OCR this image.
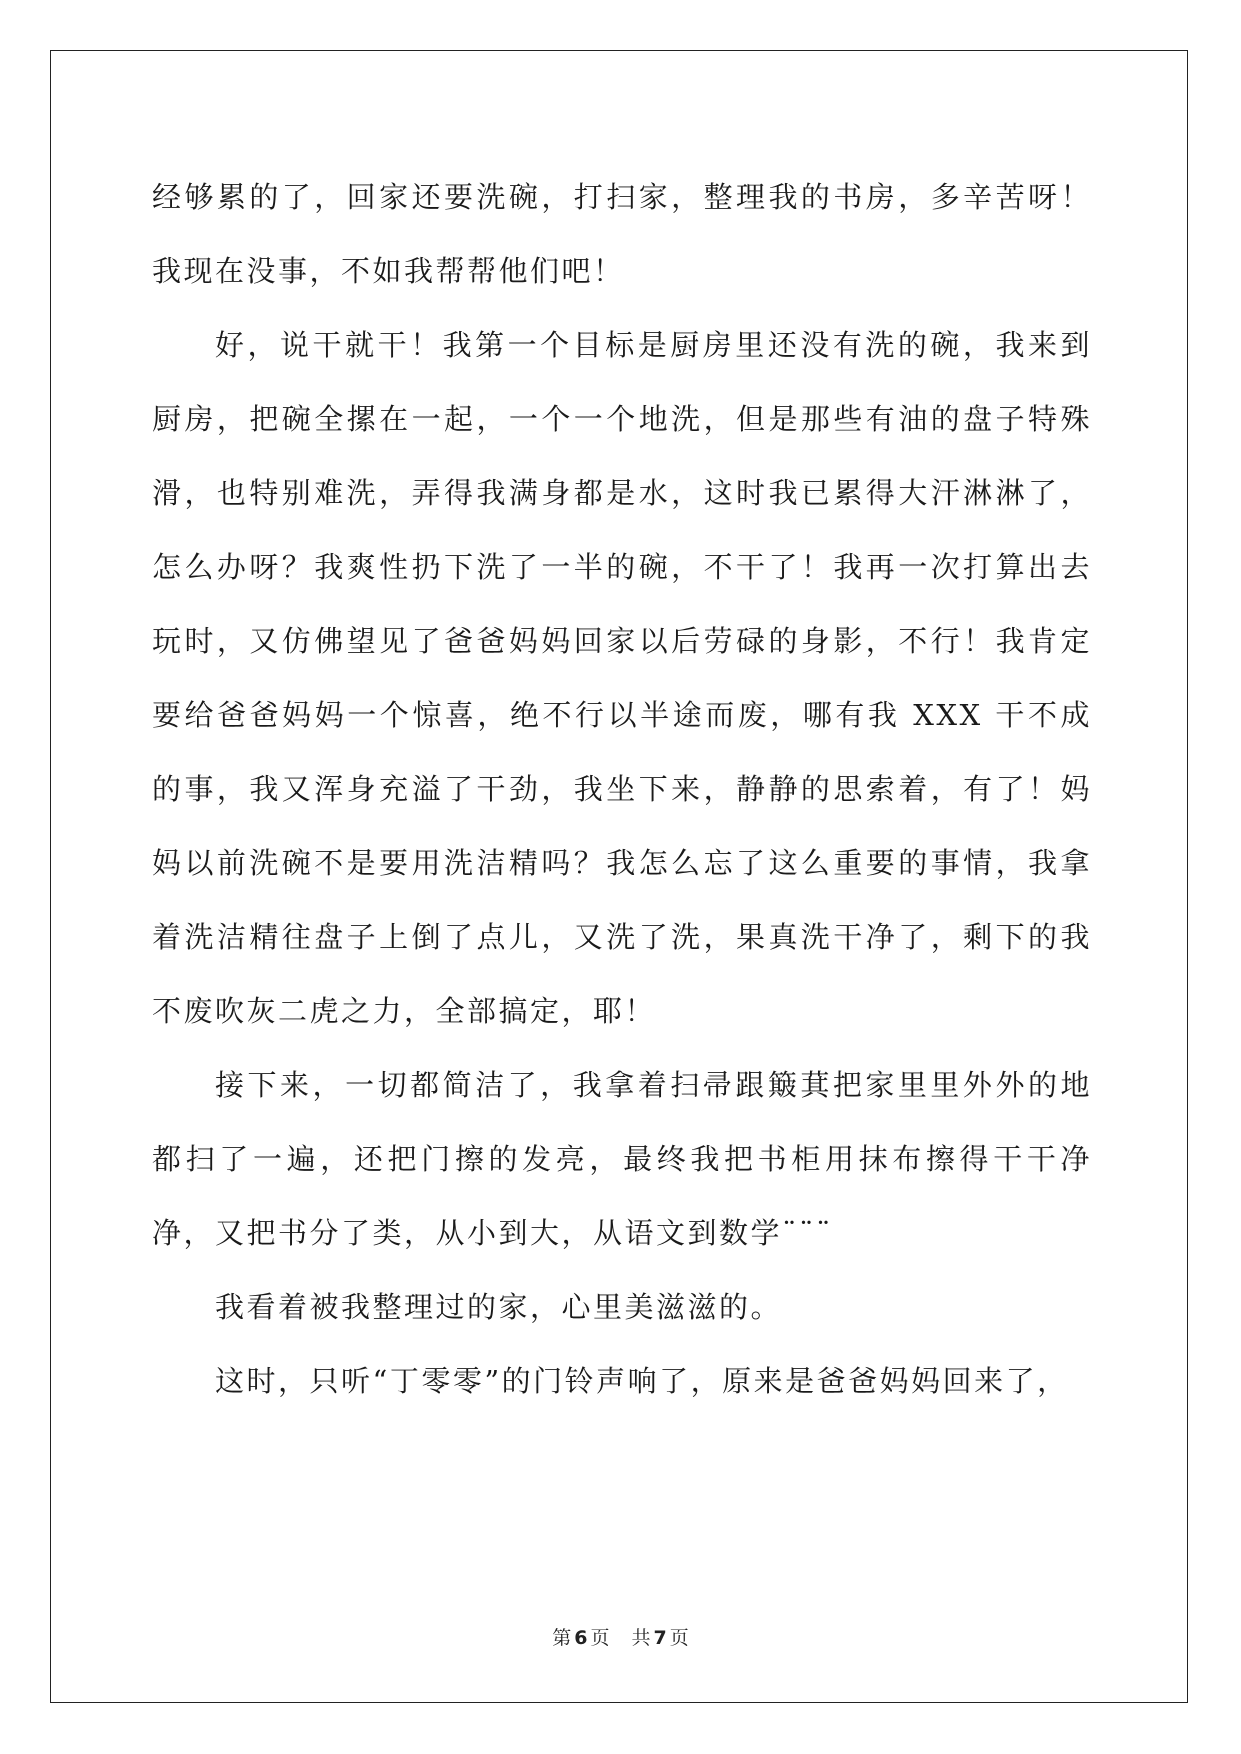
经够累的了，回家还要洗碗，打扫家，整理我的书房，多辛苦呀！我现在没事，不如我帮帮他们吧！

好，说干就干！我第一个目标是厨房里还没有洗的碗，我来到厨房，把碗全摞在一起，一个一个地洗，但是那些有油的盘子特殊滑，也特别难洗，弄得我满身都是水，这时我已累得大汗淋淋了，怎么办呀？我爽性扔下洗了一半的碗，不干了！我再一次打算出去玩时，又仿佛望见了爸爸妈妈回家以后劳碌的身影，不行！我肯定要给爸爸妈妈一个惊喜，绝不行以半途而废，哪有我 XXX 干不成的事，我又浑身充溢了干劲，我坐下来，静静的思索着，有了！妈妈以前洗碗不是要用洗洁精吗？我怎么忘了这么重要的事情，我拿着洗洁精往盘子上倒了点儿，又洗了洗，果真洗干净了，剩下的我不废吹灰二虎之力，全部搞定，耶！

接下来，一切都简洁了，我拿着扫帚跟簸萁把家里里外外的地都扫了一遍，还把门擦的发亮，最终我把书柜用抹布擦得干干净净，又把书分了类，从小到大，从语文到数学¨¨¨

我看着被我整理过的家，心里美滋滋的。

这时，只听“丁零零”的门铃声响了，原来是爸爸妈妈回来了，

第 6 页 共 7 页
